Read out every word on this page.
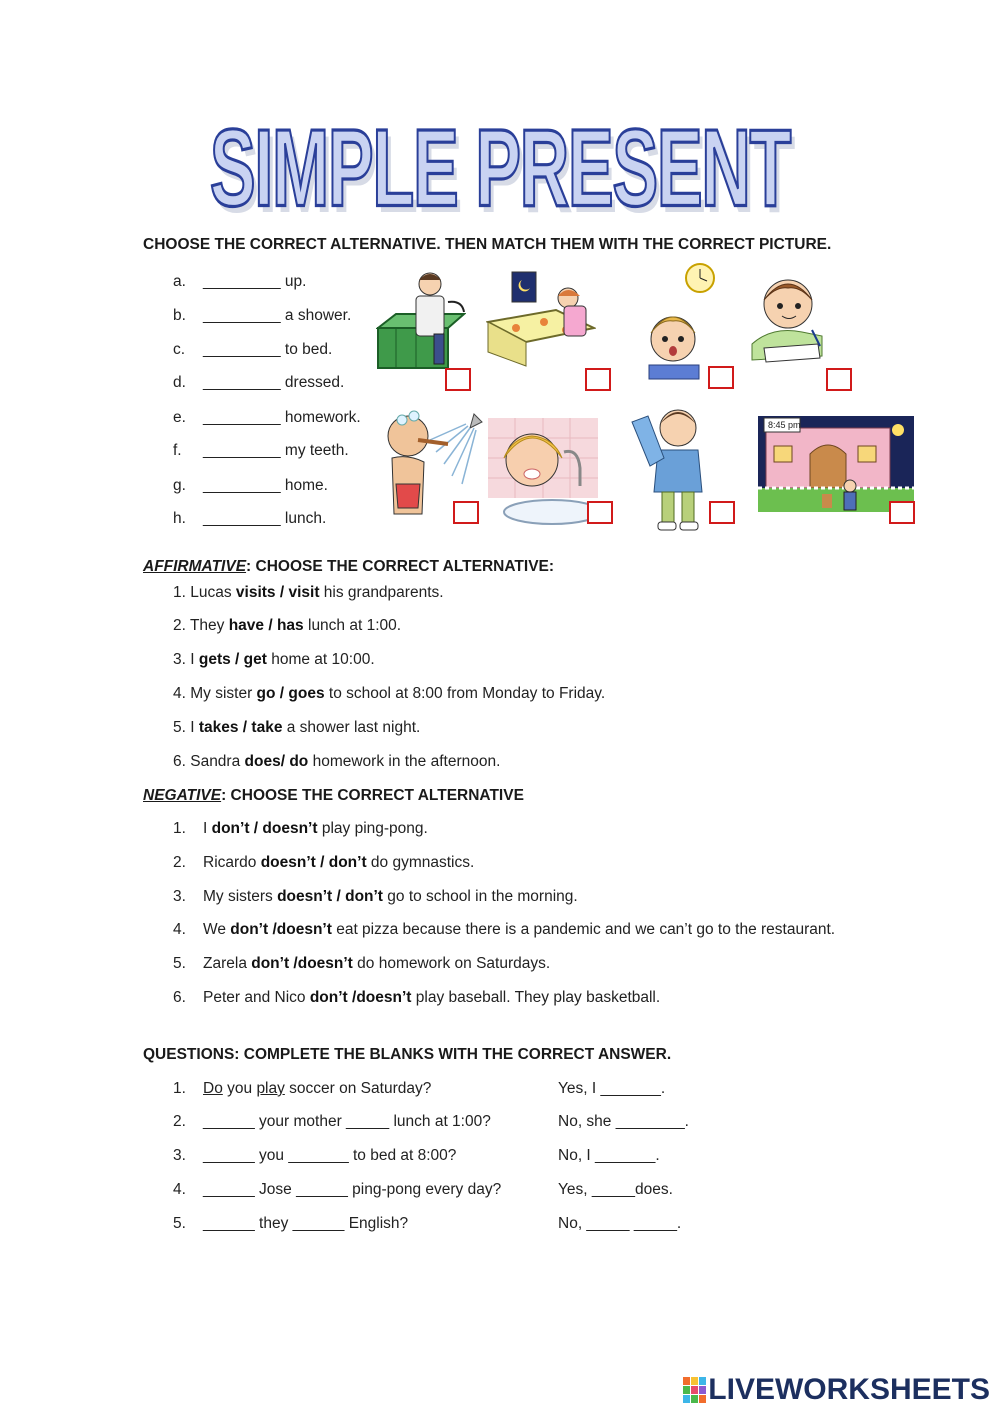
SIMPLE PRESENT
CHOOSE THE CORRECT ALTERNATIVE. THEN MATCH THEM WITH THE CORRECT PICTURE.
a. _________ up.
b. _________ a shower.
c. _________ to bed.
d. _________ dressed.
e. _________ homework.
f. _________ my teeth.
g. _________ home.
h. _________ lunch.
8:45 pm
AFFIRMATIVE: CHOOSE THE CORRECT ALTERNATIVE:
1. Lucas visits / visit his grandparents.
2. They have / has lunch at 1:00.
3. I gets / get home at 10:00.
4. My sister go / goes to school at 8:00 from Monday to Friday.
5. I takes / take a shower last night.
6. Sandra does/ do homework in the afternoon.
NEGATIVE: CHOOSE THE CORRECT ALTERNATIVE
1. I don’t / doesn’t play ping-pong.
2. Ricardo doesn’t / don’t do gymnastics.
3. My sisters doesn’t / don’t go to school in the morning.
4. We don’t /doesn’t eat pizza because there is a pandemic and we can’t go to the restaurant.
5. Zarela don’t /doesn’t do homework on Saturdays.
6. Peter and Nico don’t /doesn’t play baseball. They play basketball.
QUESTIONS: COMPLETE THE BLANKS WITH THE CORRECT ANSWER.
1. Do you play soccer on Saturday?	Yes, I _______.
2. ______ your mother _____ lunch at 1:00?	No, she ________.
3. ______ you _______ to bed at 8:00?	No, I _______.
4. ______ Jose ______ ping-pong every day?	Yes, _____does.
5. ______ they ______ English?	No, _____ _____.
LIVEWORKSHEETS
